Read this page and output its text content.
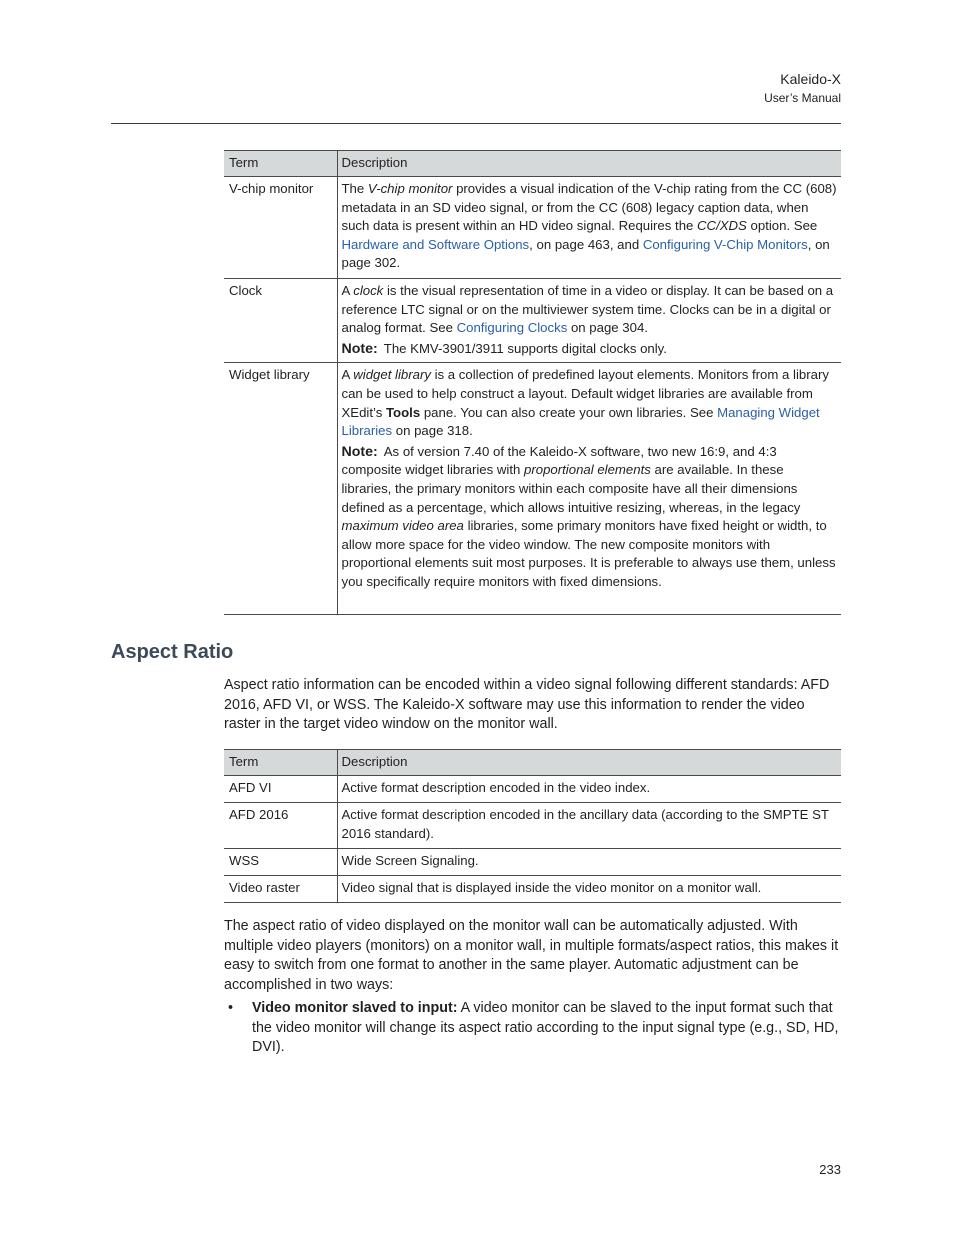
Kaleido-X
User’s Manual
Term	Description
V-chip monitor	The V-chip monitor provides a visual indication of the V-chip rating from the CC (608) metadata in an SD video signal, or from the CC (608) legacy caption data, when such data is present within an HD video signal. Requires the CC/XDS option. See Hardware and Software Options, on page 463, and Configuring V-Chip Monitors, on page 302.

Clock	A clock is the visual representation of time in a video or display. It can be based on a reference LTC signal or on the multiviewer system time. Clocks can be in a digital or analog format. See Configuring Clocks on page 304.
Note: The KMV-3901/3911 supports digital clocks only.

Widget library	A widget library is a collection of predefined layout elements. Monitors from a library can be used to help construct a layout. Default widget libraries are available from XEdit’s Tools pane. You can also create your own libraries. See Managing Widget Libraries on page 318.
Note: As of version 7.40 of the Kaleido-X software, two new 16:9, and 4:3 composite widget libraries with proportional elements are available. In these libraries, the primary monitors within each composite have all their dimensions defined as a percentage, which allows intuitive resizing, whereas, in the legacy maximum video area libraries, some primary monitors have fixed height or width, to allow more space for the video window. The new composite monitors with proportional elements suit most purposes. It is preferable to always use them, unless you specifically require monitors with fixed dimensions.
Aspect Ratio

Aspect ratio information can be encoded within a video signal following different standards: AFD 2016, AFD VI, or WSS. The Kaleido-X software may use this information to render the video raster in the target video window on the monitor wall.

Term	Description
AFD VI	Active format description encoded in the video index.
AFD 2016	Active format description encoded in the ancillary data (according to the SMPTE ST 2016 standard).
WSS	Wide Screen Signaling.
Video raster	Video signal that is displayed inside the video monitor on a monitor wall.

The aspect ratio of video displayed on the monitor wall can be automatically adjusted. With multiple video players (monitors) on a monitor wall, in multiple formats/aspect ratios, this makes it easy to switch from one format to another in the same player. Automatic adjustment can be accomplished in two ways:

• Video monitor slaved to input: A video monitor can be slaved to the input format such that the video monitor will change its aspect ratio according to the input signal type (e.g., SD, HD, DVI).
233
